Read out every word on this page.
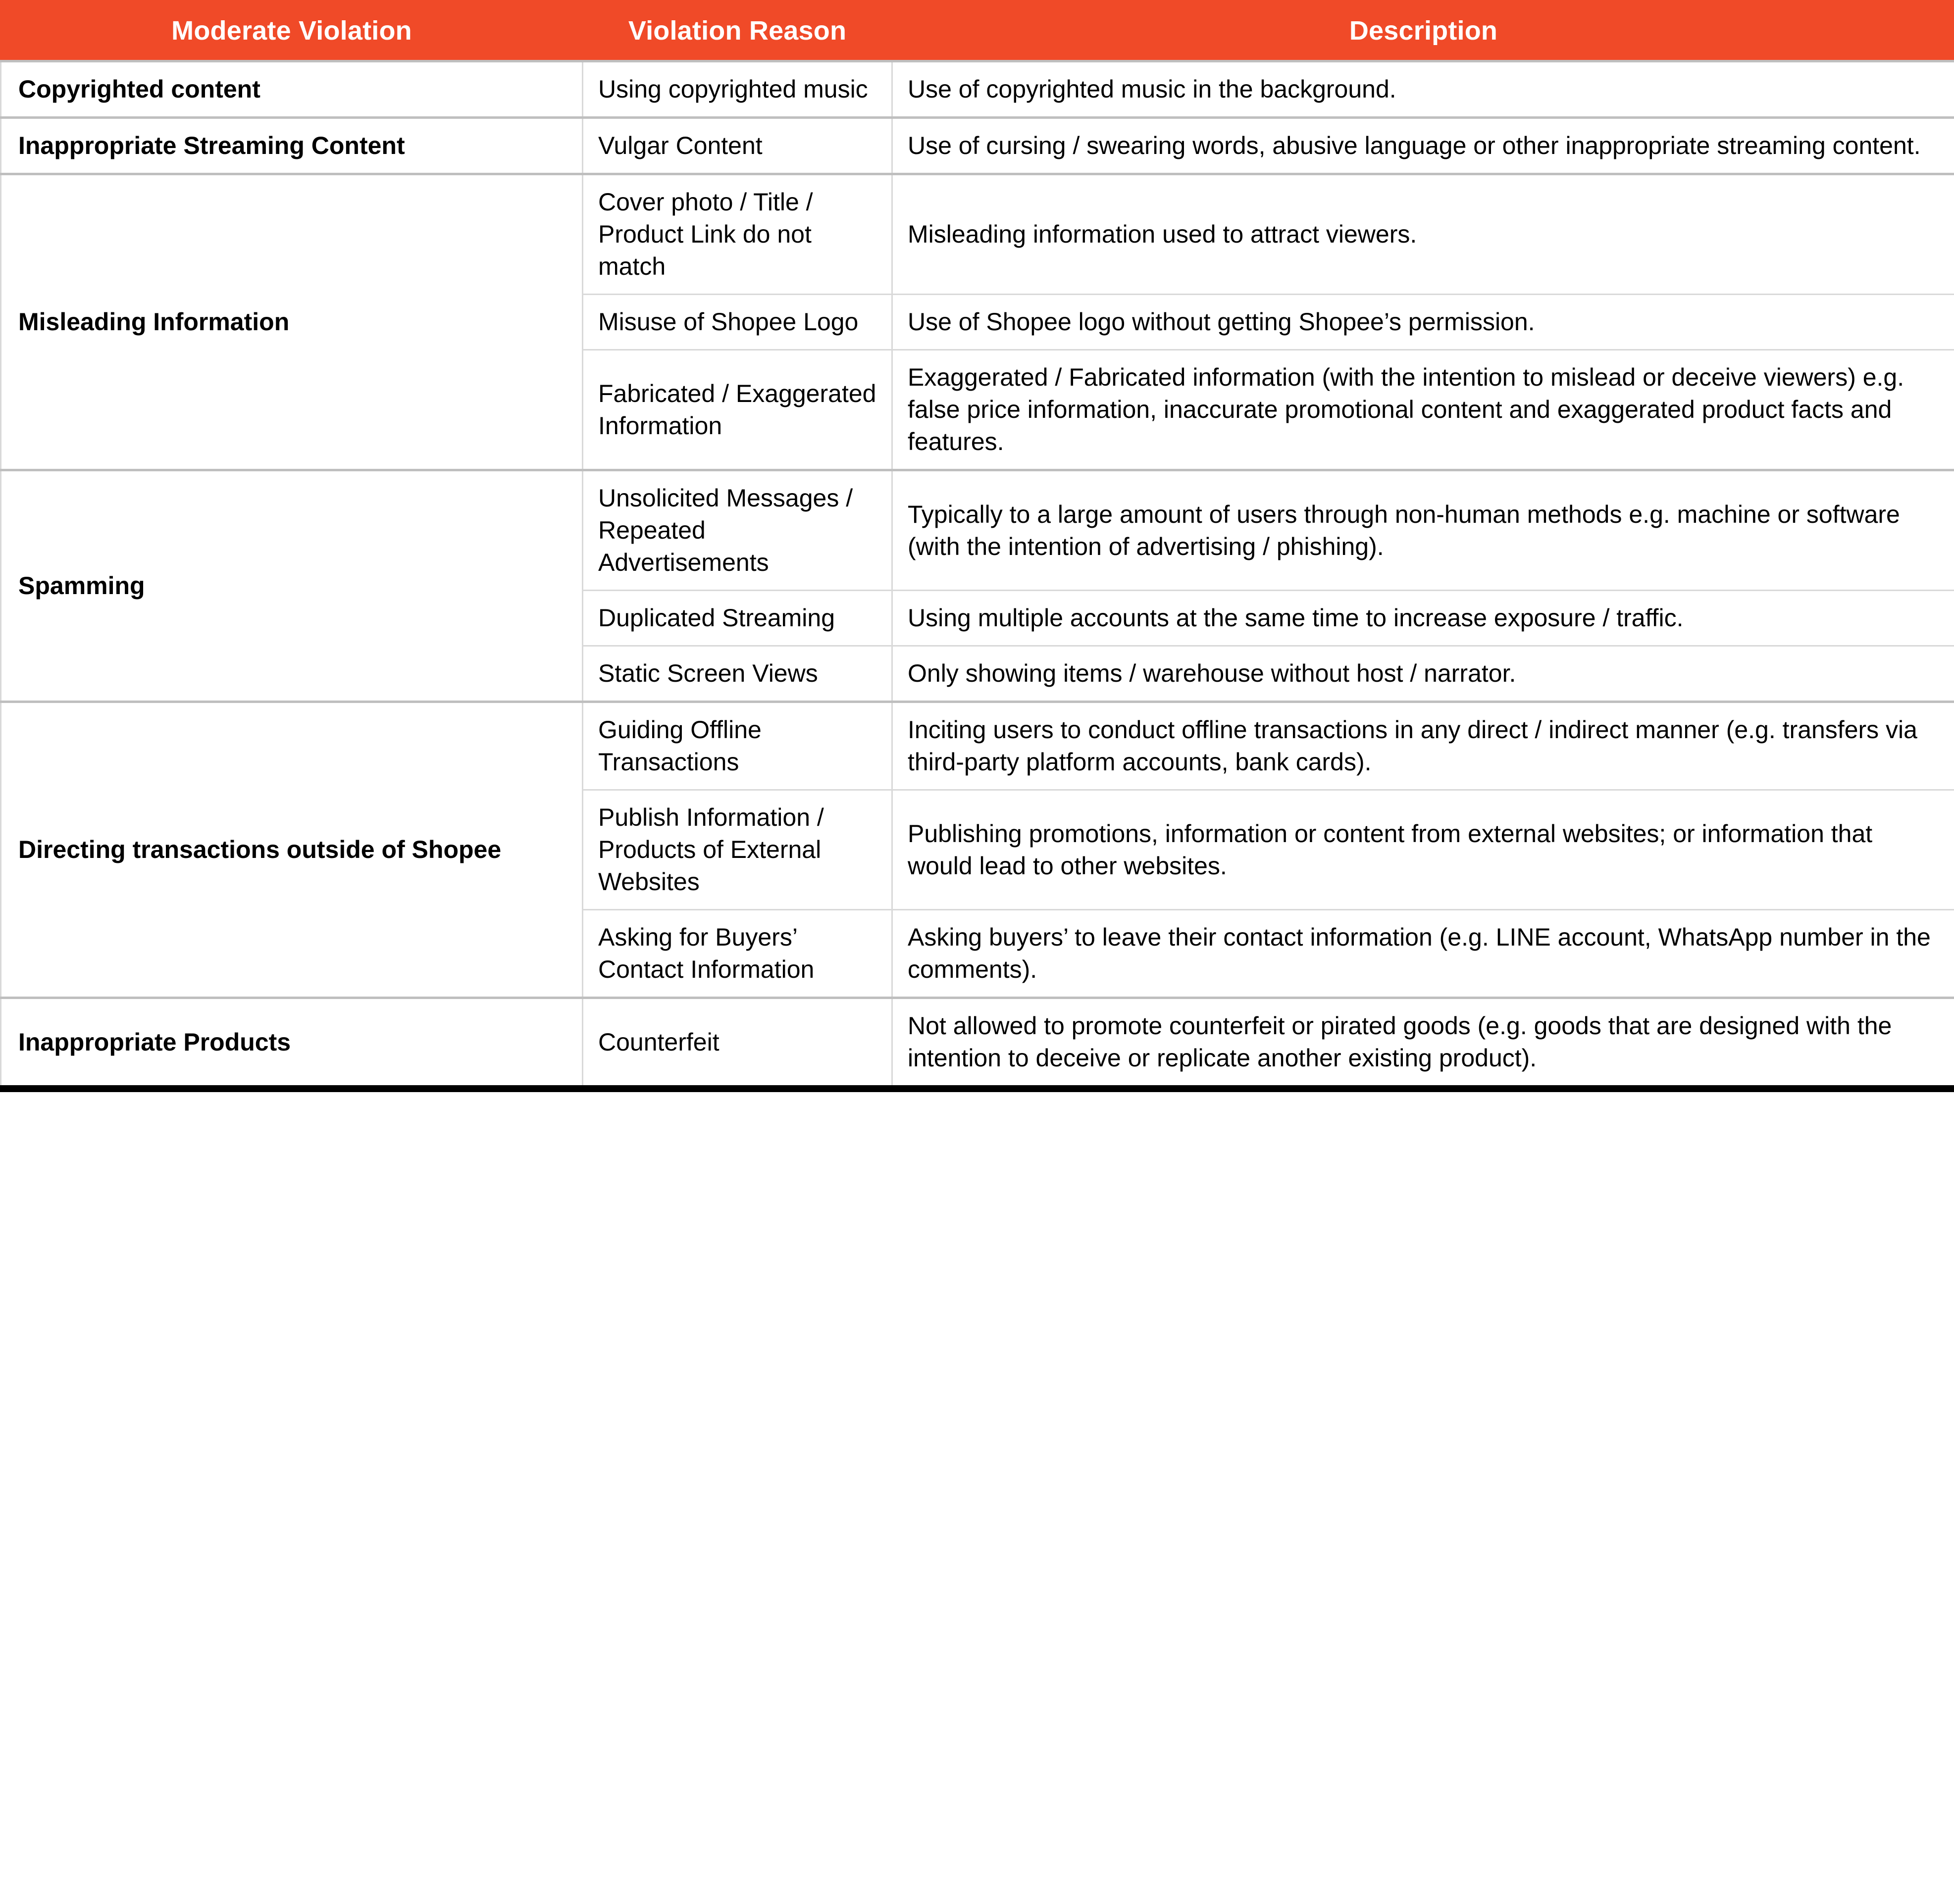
Moderate Violation	Violation Reason	Description
Copyrighted content	Using copyrighted music	Use of copyrighted music in the background.
Inappropriate Streaming Content	Vulgar Content	Use of cursing / swearing words, abusive language or other inappropriate streaming content.
Misleading Information	Cover photo / Title / Product Link do not match	Misleading information used to attract viewers.
	Misuse of Shopee Logo	Use of Shopee logo without getting Shopee’s permission.
	Fabricated / Exaggerated Information	Exaggerated / Fabricated information (with the intention to mislead or deceive viewers) e.g. false price information, inaccurate promotional content and exaggerated product facts and features.
Spamming	Unsolicited Messages / Repeated Advertisements	Typically to a large amount of users through non-human methods e.g. machine or software (with the intention of advertising / phishing).
	Duplicated Streaming	Using multiple accounts at the same time to increase exposure / traffic.
	Static Screen Views	Only showing items / warehouse without host / narrator.
Directing transactions outside of Shopee	Guiding Offline Transactions	Inciting users to conduct offline transactions in any direct / indirect manner (e.g. transfers via third-party platform accounts, bank cards).
	Publish Information / Products of External Websites	Publishing promotions, information or content from external websites; or information that would lead to other websites.
	Asking for Buyers’ Contact Information	Asking buyers’ to leave their contact information (e.g. LINE account, WhatsApp number in the comments).
Inappropriate Products	Counterfeit	Not allowed to promote counterfeit or pirated goods (e.g. goods that are designed with the intention to deceive or replicate another existing product).
